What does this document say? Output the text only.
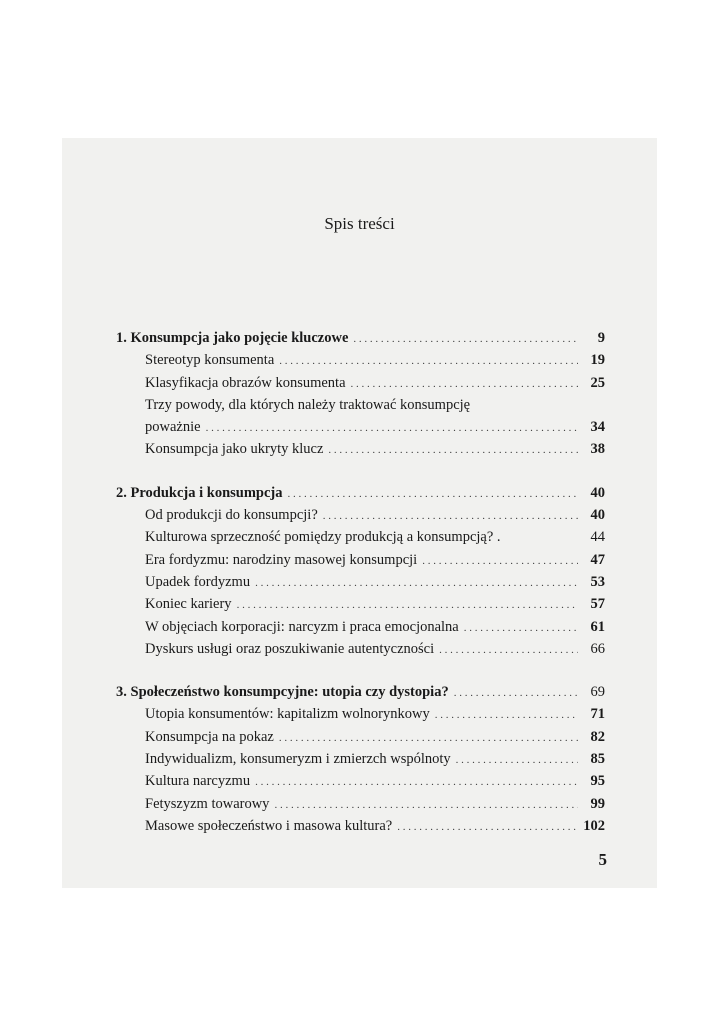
Spis treści
1. Konsumpcja jako pojęcie kluczowe . . .	9
Stereotyp konsumenta . . .	19
Klasyfikacja obrazów konsumenta . . .	25
Trzy powody, dla których należy traktować konsumpcję
poważnie . . .	34
Konsumpcja jako ukryty klucz . . .	38
2. Produkcja i konsumpcja . . .	40
Od produkcji do konsumpcji? . . .	40
Kulturowa sprzeczność pomiędzy produkcją a konsumpcją? .	44
Era fordyzmu: narodziny masowej konsumpcji . . .	47
Upadek fordyzmu . . .	53
Koniec kariery . . .	57
W objęciach korporacji: narcyzm i praca emocjonalna . . .	61
Dyskurs usługi oraz poszukiwanie autentyczności . . .	66
3. Społeczeństwo konsumpcyjne: utopia czy dystopia? . . .	69
Utopia konsumentów: kapitalizm wolnorynkowy . . .	71
Konsumpcja na pokaz . . .	82
Indywidualizm, konsumeryzm i zmierzch wspólnoty . . .	85
Kultura narcyzmu . . .	95
Fetyszyzm towarowy . . .	99
Masowe społeczeństwo i masowa kultura? . . .	102
5
